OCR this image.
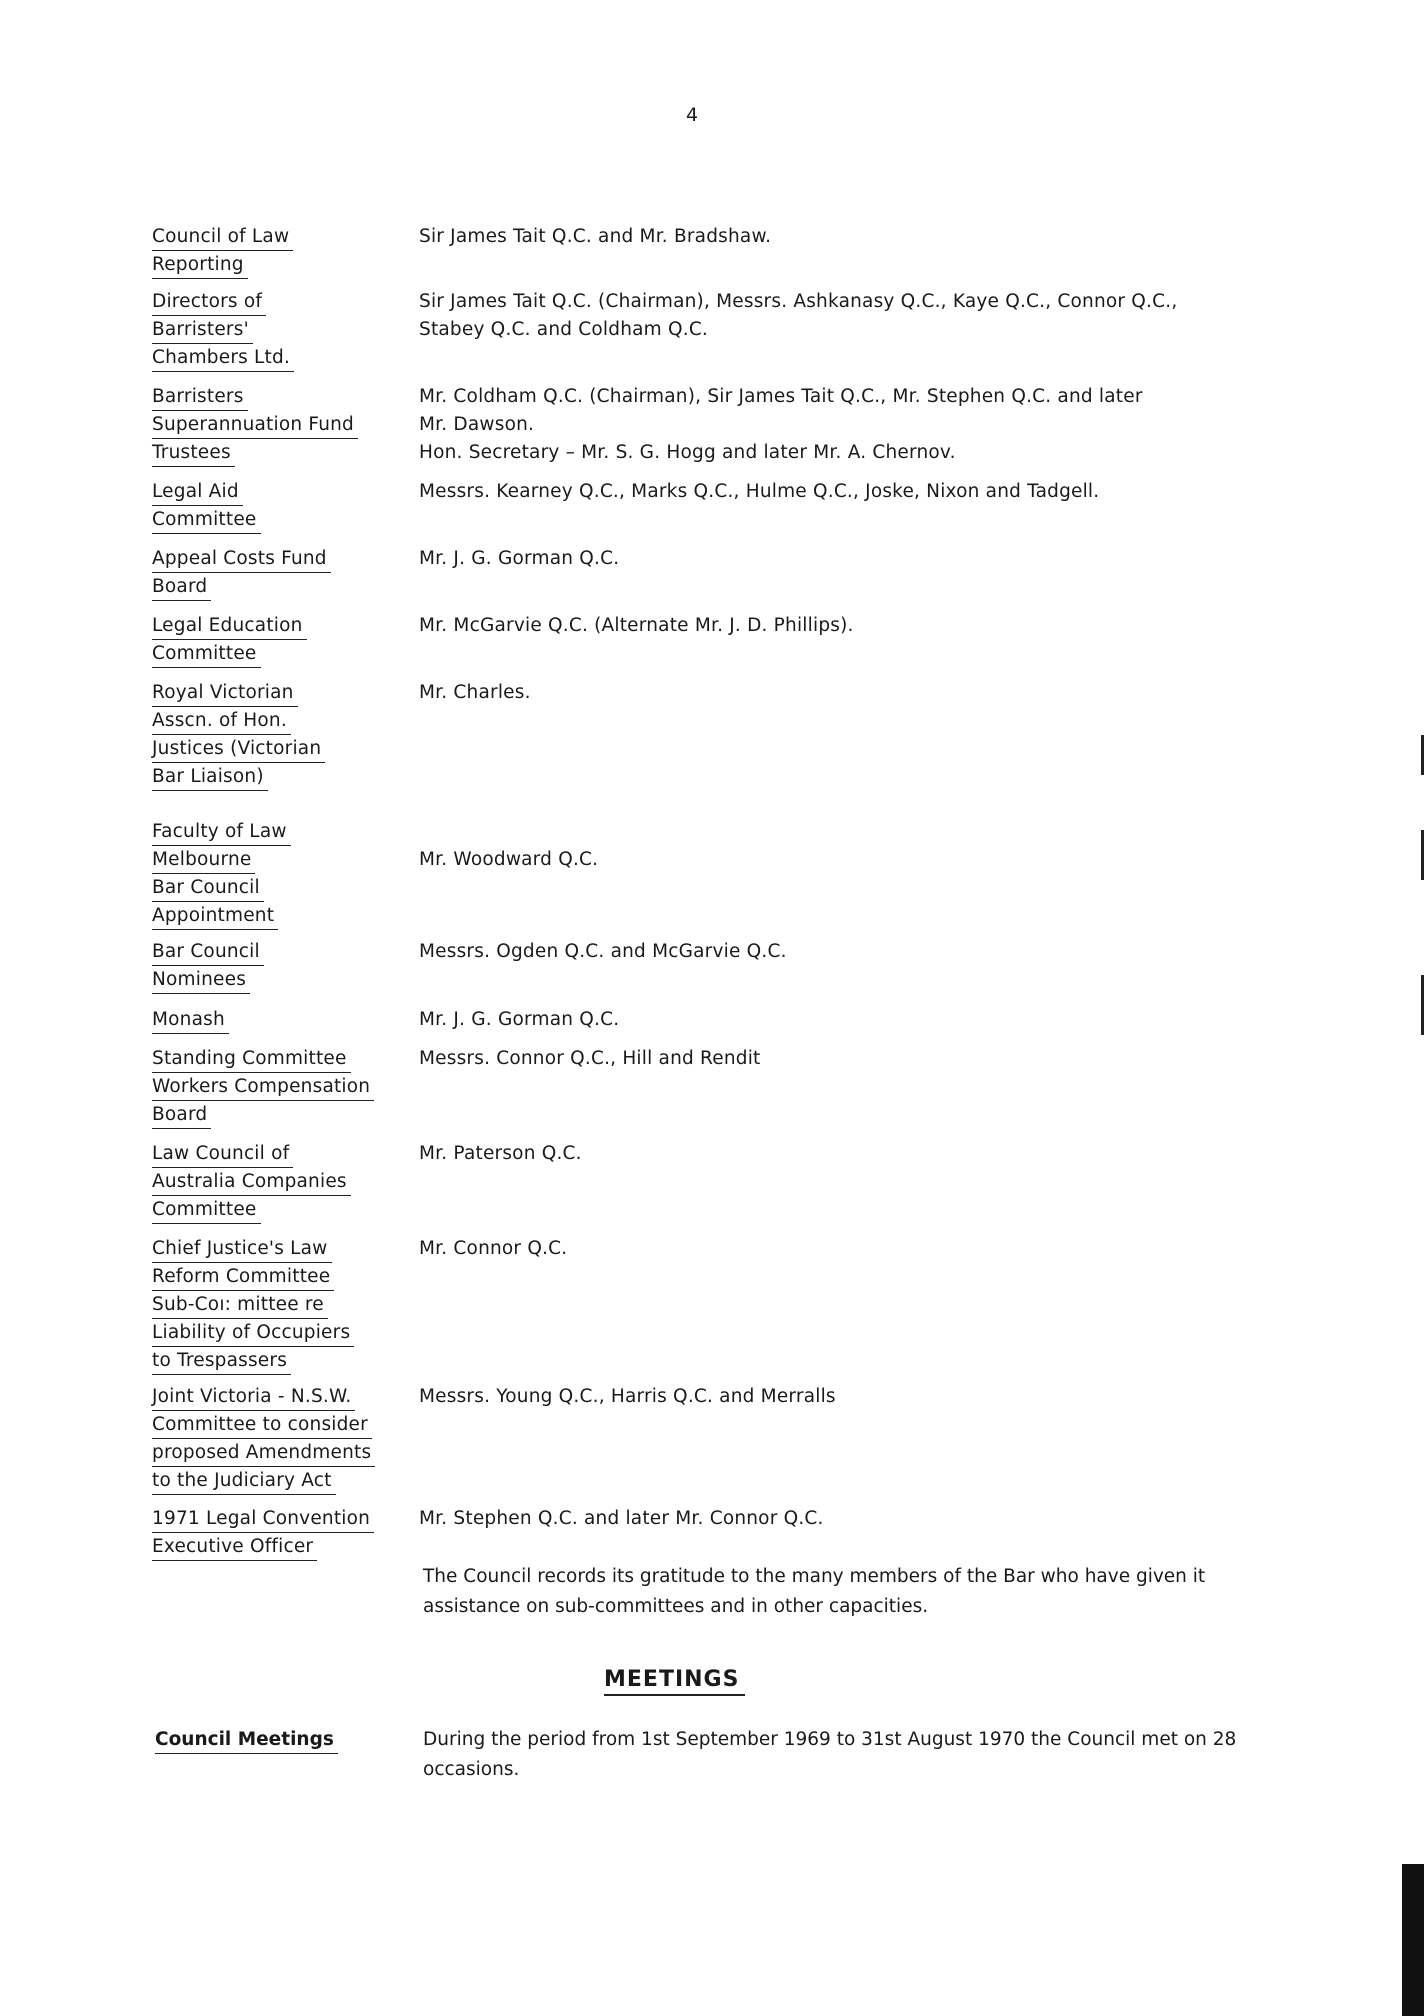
4
Council of Law
Reporting
Sir James Tait Q.C. and Mr. Bradshaw.
Directors of
Barristers'
Chambers Ltd.
Sir James Tait Q.C. (Chairman), Messrs. Ashkanasy Q.C., Kaye Q.C., Connor Q.C.,
Stabey Q.C. and Coldham Q.C.
Barristers
Superannuation Fund
Trustees
Mr. Coldham Q.C. (Chairman), Sir James Tait Q.C., Mr. Stephen Q.C. and later
Mr. Dawson.
Hon. Secretary – Mr. S. G. Hogg and later Mr. A. Chernov.
Legal Aid
Committee
Messrs. Kearney Q.C., Marks Q.C., Hulme Q.C., Joske, Nixon and Tadgell.
Appeal Costs Fund
Board
Mr. J. G. Gorman Q.C.
Legal Education
Committee
Mr. McGarvie Q.C. (Alternate Mr. J. D. Phillips).
Royal Victorian
Asscn. of Hon.
Justices (Victorian
Bar Liaison)
Mr. Charles.
Faculty of Law
Melbourne
Bar Council
Appointment

Mr. Woodward Q.C.
Bar Council
Nominees
Messrs. Ogden Q.C. and McGarvie Q.C.
Monash	Mr. J. G. Gorman Q.C.
Standing Committee
Workers Compensation
Board
Messrs. Connor Q.C., Hill and Rendit
Law Council of
Australia Companies
Committee
Mr. Paterson Q.C.
Chief Justice's Law
Reform Committee
Sub-Coı: mittee re
Liability of Occupiers
to Trespassers
Mr. Connor Q.C.
Joint Victoria - N.S.W.
Committee to consider
proposed Amendments
to the Judiciary Act
Messrs. Young Q.C., Harris Q.C. and Merralls
1971 Legal Convention
Executive Officer
Mr. Stephen Q.C. and later Mr. Connor Q.C.
The Council records its gratitude to the many members of the Bar who have given it assistance on sub-committees and in other capacities.
MEETINGS
Council Meetings	During the period from 1st September 1969 to 31st August 1970 the Council met on 28 occasions.
